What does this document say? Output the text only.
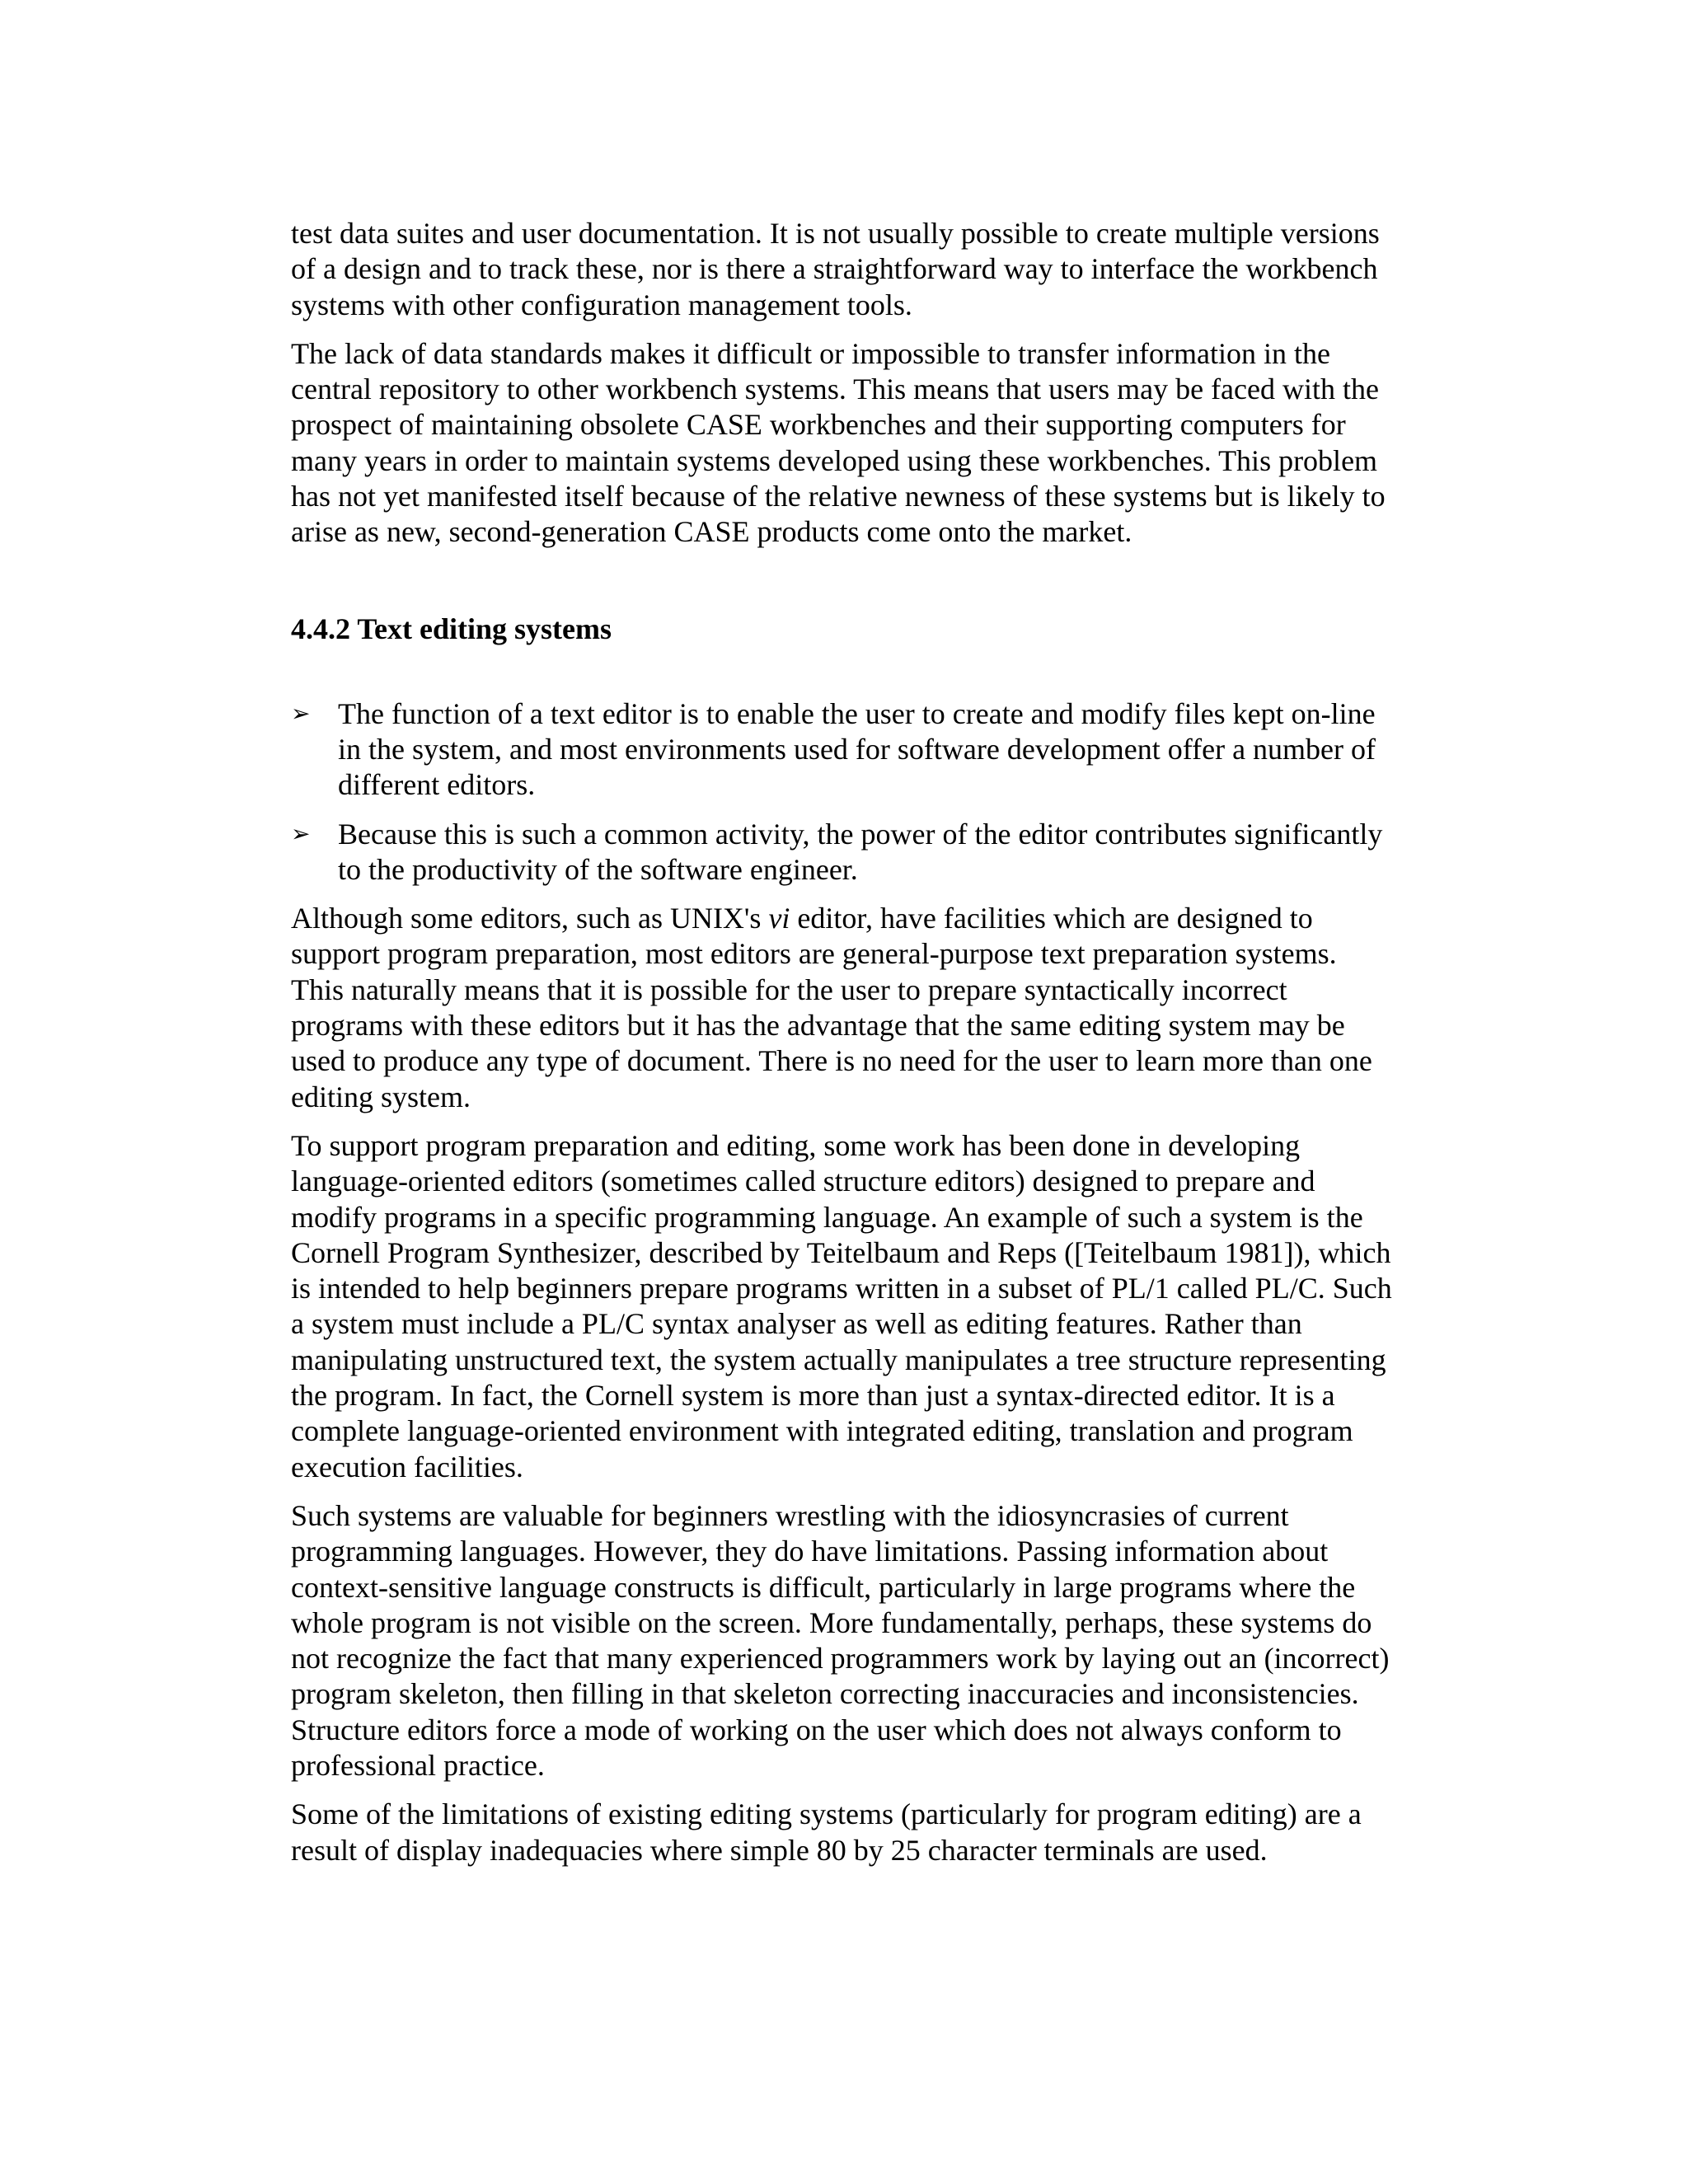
test data suites and user documentation. It is not usually possible to create multiple versions of a design and to track these, nor is there a straightforward way to interface the workbench systems with other configuration management tools.

The lack of data standards makes it difficult or impossible to transfer information in the central repository to other workbench systems. This means that users may be faced with the prospect of maintaining obsolete CASE workbenches and their supporting computers for many years in order to maintain systems developed using these workbenches. This problem has not yet manifested itself because of the relative newness of these systems but is likely to arise as new, second-generation CASE products come onto the market.

4.4.2 Text editing systems

➢ The function of a text editor is to enable the user to create and modify files kept on-line in the system, and most environments used for software development offer a number of different editors.
➢ Because this is such a common activity, the power of the editor contributes significantly to the productivity of the software engineer.

Although some editors, such as UNIX's vi editor, have facilities which are designed to support program preparation, most editors are general-purpose text preparation systems. This naturally means that it is possible for the user to prepare syntactically incorrect programs with these editors but it has the advantage that the same editing system may be used to produce any type of document. There is no need for the user to learn more than one editing system.

To support program preparation and editing, some work has been done in developing language-oriented editors (sometimes called structure editors) designed to prepare and modify programs in a specific programming language. An example of such a system is the Cornell Program Synthesizer, described by Teitelbaum and Reps ([Teitelbaum 1981]), which is intended to help beginners prepare programs written in a subset of PL/1 called PL/C. Such a system must include a PL/C syntax analyser as well as editing features. Rather than manipulating unstructured text, the system actually manipulates a tree structure representing the program. In fact, the Cornell system is more than just a syntax-directed editor. It is a complete language-oriented environment with integrated editing, translation and program execution facilities.

Such systems are valuable for beginners wrestling with the idiosyncrasies of current programming languages. However, they do have limitations. Passing information about context-sensitive language constructs is difficult, particularly in large programs where the whole program is not visible on the screen. More fundamentally, perhaps, these systems do not recognize the fact that many experienced programmers work by laying out an (incorrect) program skeleton, then filling in that skeleton correcting inaccuracies and inconsistencies. Structure editors force a mode of working on the user which does not always conform to professional practice.

Some of the limitations of existing editing systems (particularly for program editing) are a result of display inadequacies where simple 80 by 25 character terminals are used.
